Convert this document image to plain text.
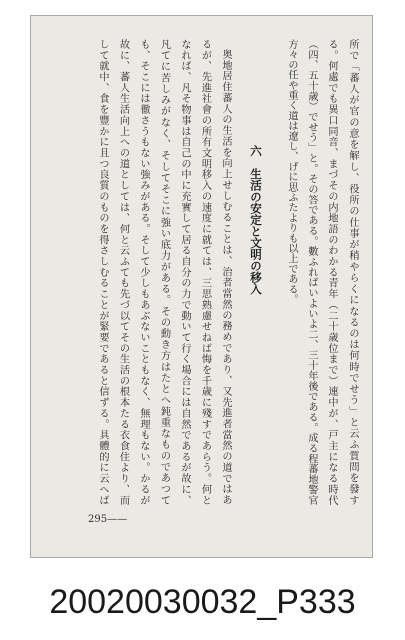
所で「蕃人が官の意を解し、役所の仕事が稍やらくになるのは何時でせう」と云ふ質問を發す
る。何處でも異口同音、まづその内地語のわかる青年（二十歳位まで）連中が、戸主になる時代
（四、五十歳）でせう」と。その答である。數ふればいよいよ二、三十年後である。成る程蕃地警官
方々の任や重く道は遼し、げに思ふたよりも以上である。
六　生活の安定と文明の移入
奥地居住蕃人の生活を向上せしむることは、治者當然の務めであり、又先進者當然の道ではあ
るが、先進社會の所有文明移入の速度に就ては、三思熟慮せねば悔を千歳に殘すであらう。何と
なれば、凡そ物事は自己の中に充實して居る自分の力で動いて行く場合には自然であるが故に、
凡てに苦しみがなく、そしてそこに強い底力がある。その動き方はたとへ鈍重なものであつて
も、そこには徹さうもない強みがある。そして少しもあぶないこともなく、無理もない。かるが
故に、蕃人生活向上への道としては、何と云ふても先づ以てその生活の根本たる衣食住より、而
して就中、食を豐かに且つ良質のものを得さしむることが緊要であると信ずる。具體的に云へば
295——
20020030032_P333
